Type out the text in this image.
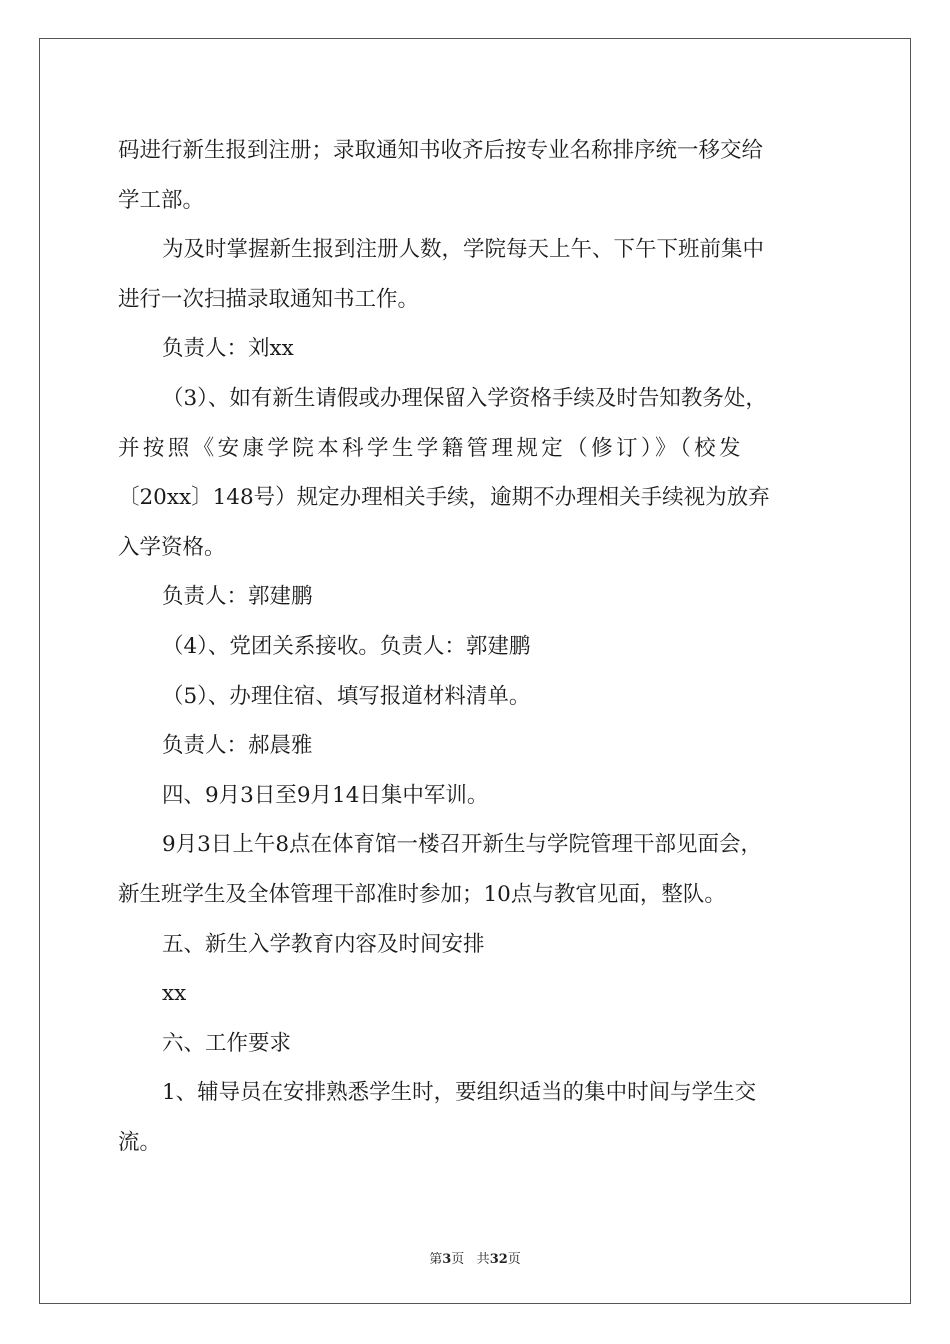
码进行新生报到注册；录取通知书收齐后按专业名称排序统一移交给
学工部。

为及时掌握新生报到注册人数，学院每天上午、下午下班前集中
进行一次扫描录取通知书工作。

负责人：刘xx

（3）、如有新生请假或办理保留入学资格手续及时告知教务处，
并按照《安康学院本科学生学籍管理规定（修订）》（校发
〔20xx〕148号）规定办理相关手续，逾期不办理相关手续视为放弃
入学资格。

负责人：郭建鹏

（4）、党团关系接收。负责人：郭建鹏

（5）、办理住宿、填写报道材料清单。

负责人：郝晨雅

四、9月3日至9月14日集中军训。

9月3日上午8点在体育馆一楼召开新生与学院管理干部见面会，
新生班学生及全体管理干部准时参加；10点与教官见面，整队。

五、新生入学教育内容及时间安排

xx

六、工作要求

1、辅导员在安排熟悉学生时，要组织适当的集中时间与学生交
流。

第3页 共32页
